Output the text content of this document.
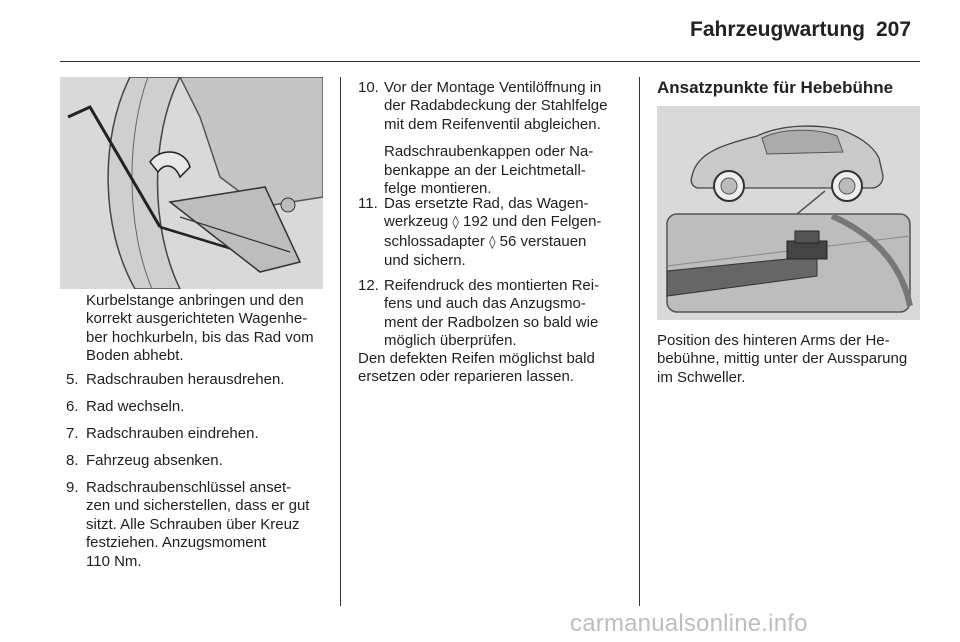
Fahrzeugwartung 207
Kurbelstange anbringen und den
korrekt ausgerichteten Wagenhe-
ber hochkurbeln, bis das Rad vom
Boden abhebt.
5. Radschrauben herausdrehen.
6. Rad wechseln.
7. Radschrauben eindrehen.
8. Fahrzeug absenken.
9. Radschraubenschlüssel anset-
zen und sicherstellen, dass er gut
sitzt. Alle Schrauben über Kreuz
festziehen. Anzugsmoment
110 Nm.
10. Vor der Montage Ventilöffnung in
der Radabdeckung der Stahlfelge
mit dem Reifenventil abgleichen.
Radschraubenkappen oder Na-
benkappe an der Leichtmetall-
felge montieren.
11. Das ersetzte Rad, das Wagen-
werkzeug ◊ 192 und den Felgen-
schlossadapter ◊ 56 verstauen
und sichern.
12. Reifendruck des montierten Rei-
fens und auch das Anzugsmo-
ment der Radbolzen so bald wie
möglich überprüfen.
Den defekten Reifen möglichst bald
ersetzen oder reparieren lassen.
Ansatzpunkte für Hebebühne
Position des hinteren Arms der He-
bebühne, mittig unter der Aussparung
im Schweller.
carmanualsonline.info
